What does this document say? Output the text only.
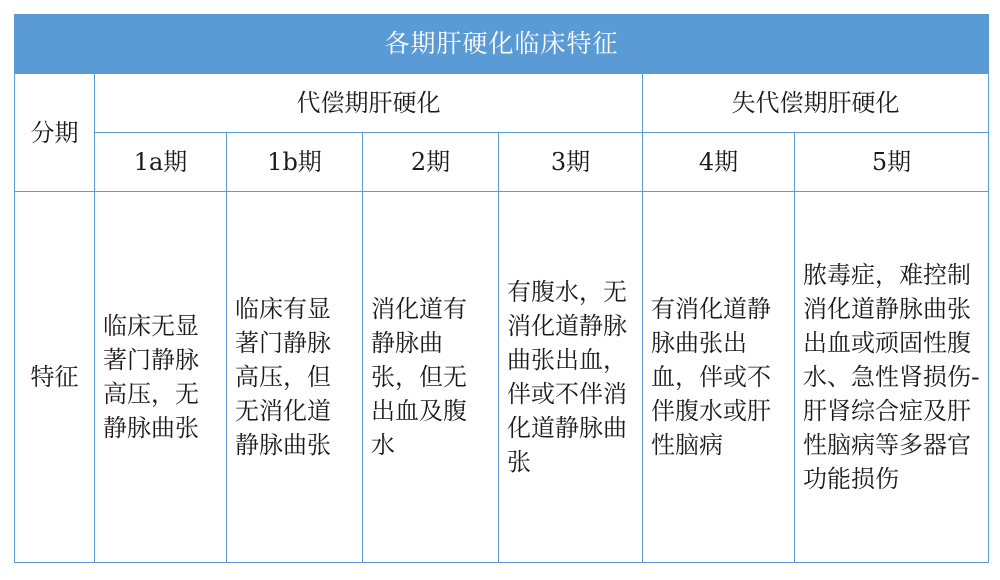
各期肝硬化临床特征						
分期	代偿期肝硬化				失代偿期肝硬化	
	1a期	1b期	2期	3期	4期	5期
特征	临床无显著门静脉高压，无静脉曲张	临床有显著门静脉高压，但无消化道静脉曲张	消化道有静脉曲张，但无出血及腹水	有腹水，无消化道静脉曲张出血，伴或不伴消化道静脉曲张	有消化道静脉曲张出血，伴或不伴腹水或肝性脑病	脓毒症，难控制消化道静脉曲张出血或顽固性腹水、急性肾损伤-肝肾综合症及肝性脑病等多器官功能损伤
